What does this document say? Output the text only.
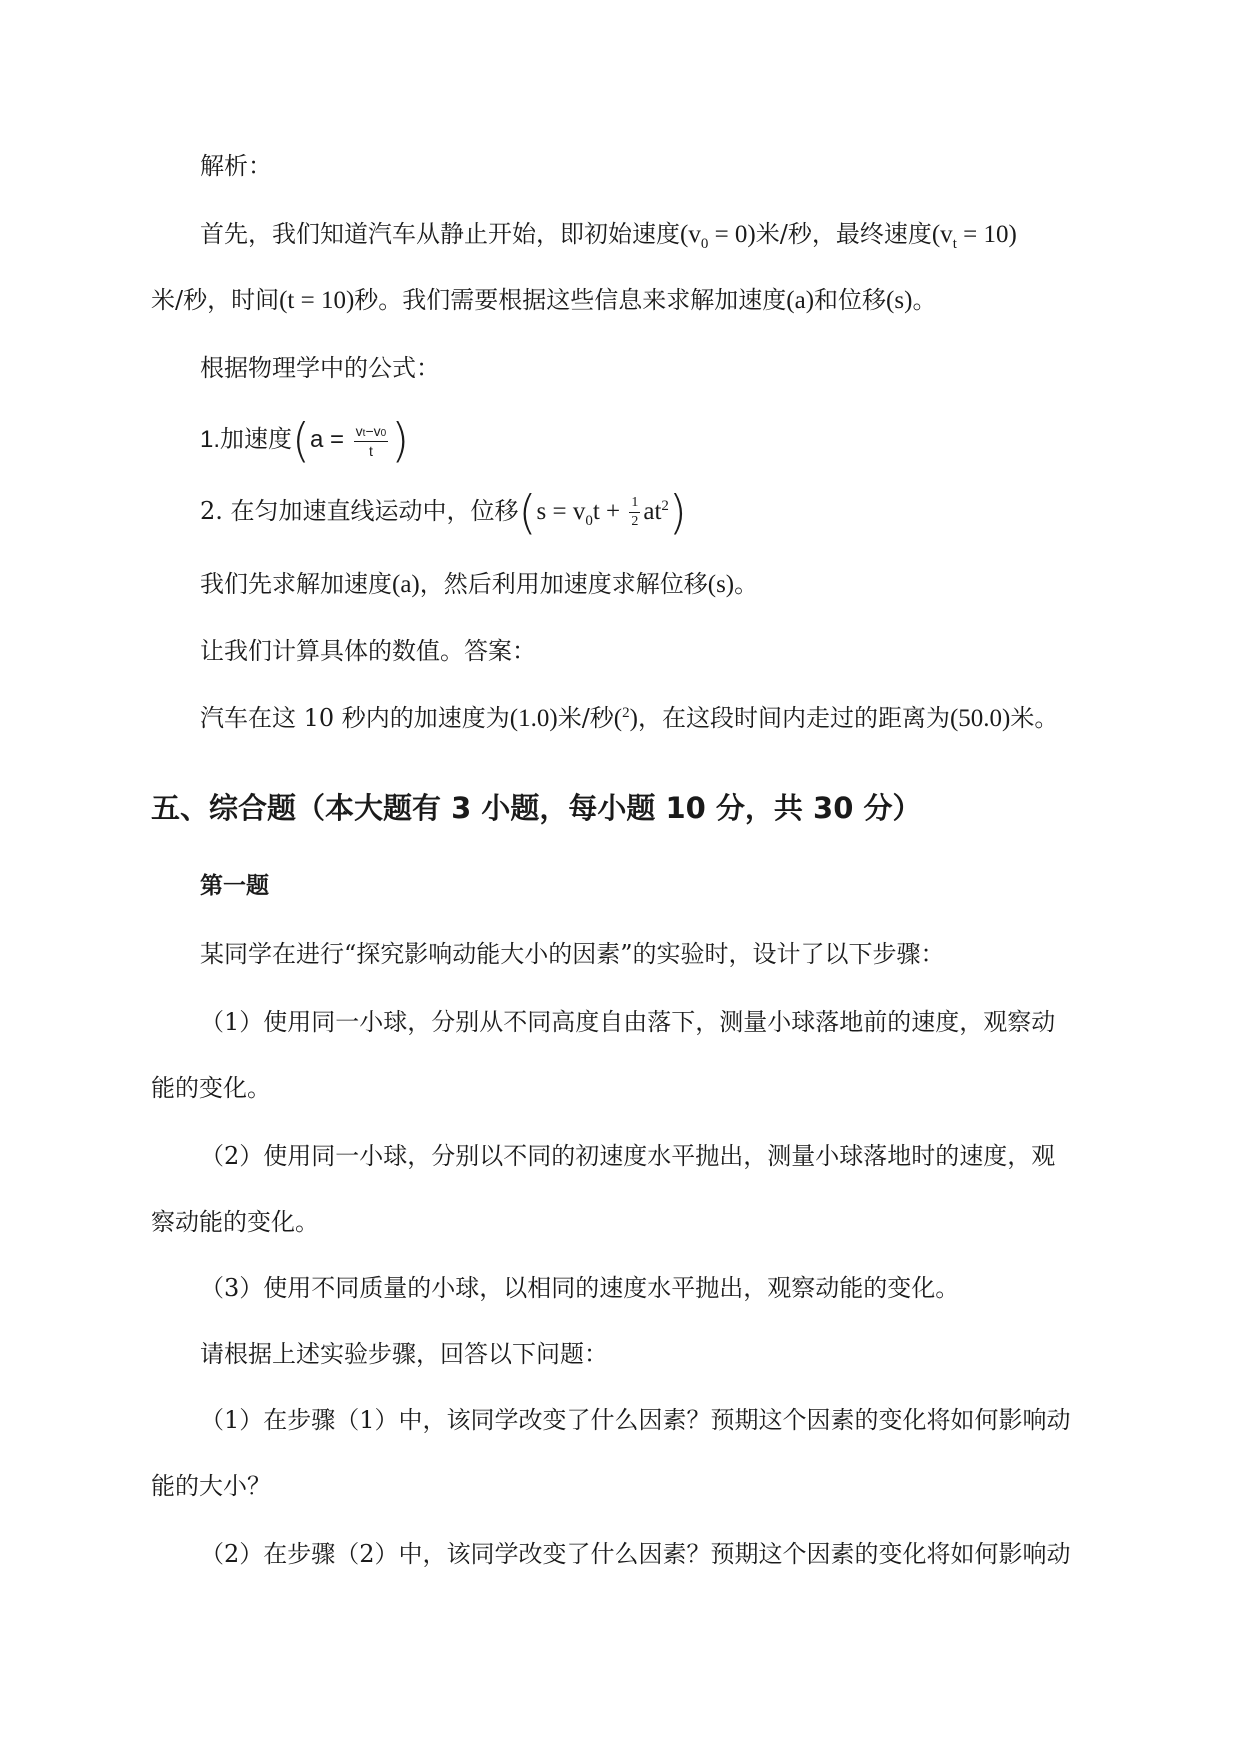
解析：
首先，我们知道汽车从静止开始，即初始速度$(v_0 = 0)$米/秒，最终速度$(v_t = 10)$
米/秒，时间(t = 10)秒。我们需要根据这些信息来求解加速度(a)和位移(s)。
根据物理学中的公式：
1.加速度($a = \frac{vt-v0}{t}$ )
2. 在匀加速直线运动中，位移$(s = v_0t + \frac{1}{2} at^2)$
我们先求解加速度(a)，然后利用加速度求解位移(s)。
让我们计算具体的数值。答案：
汽车在这 10 秒内的加速度为(1.0)米/秒($^2$)，在这段时间内走过的距离为(50.0)米。
五、综合题（本大题有 3 小题，每小题 10 分，共 30 分）
第一题
某同学在进行“探究影响动能大小的因素”的实验时，设计了以下步骤：
（1）使用同一小球，分别从不同高度自由落下，测量小球落地前的速度，观察动
能的变化。
（2）使用同一小球，分别以不同的初速度水平抛出，测量小球落地时的速度，观
察动能的变化。
（3）使用不同质量的小球，以相同的速度水平抛出，观察动能的变化。
请根据上述实验步骤，回答以下问题：
（1）在步骤（1）中，该同学改变了什么因素？预期这个因素的变化将如何影响动
能的大小？
（2）在步骤（2）中，该同学改变了什么因素？预期这个因素的变化将如何影响动
